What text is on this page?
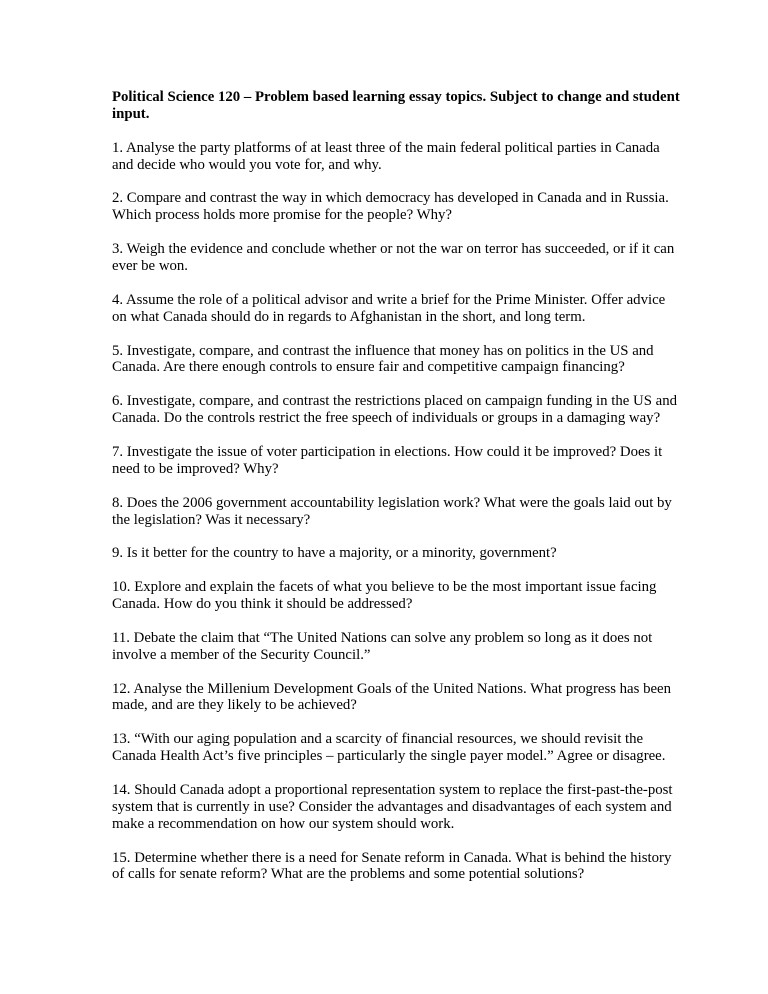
Political Science 120 – Problem based learning essay topics. Subject to change and student
input.

1. Analyse the party platforms of at least three of the main federal political parties in Canada
and decide who would you vote for, and why.

2. Compare and contrast the way in which democracy has developed in Canada and in Russia.
Which process holds more promise for the people? Why?

3. Weigh the evidence and conclude whether or not the war on terror has succeeded, or if it can
ever be won.

4. Assume the role of a political advisor and write a brief for the Prime Minister. Offer advice
on what Canada should do in regards to Afghanistan in the short, and long term.

5. Investigate, compare, and contrast the influence that money has on politics in the US and
Canada. Are there enough controls to ensure fair and competitive campaign financing?

6. Investigate, compare, and contrast the restrictions placed on campaign funding in the US and
Canada. Do the controls restrict the free speech of individuals or groups in a damaging way?

7. Investigate the issue of voter participation in elections. How could it be improved? Does it
need to be improved? Why?

8. Does the 2006 government accountability legislation work? What were the goals laid out by
the legislation? Was it necessary?

9. Is it better for the country to have a majority, or a minority, government?

10. Explore and explain the facets of what you believe to be the most important issue facing
Canada. How do you think it should be addressed?

11. Debate the claim that “The United Nations can solve any problem so long as it does not
involve a member of the Security Council.”

12. Analyse the Millenium Development Goals of the United Nations. What progress has been
made, and are they likely to be achieved?

13. “With our aging population and a scarcity of financial resources, we should revisit the
Canada Health Act’s five principles – particularly the single payer model.” Agree or disagree.

14. Should Canada adopt a proportional representation system to replace the first-past-the-post
system that is currently in use? Consider the advantages and disadvantages of each system and
make a recommendation on how our system should work.

15. Determine whether there is a need for Senate reform in Canada. What is behind the history
of calls for senate reform? What are the problems and some potential solutions?
